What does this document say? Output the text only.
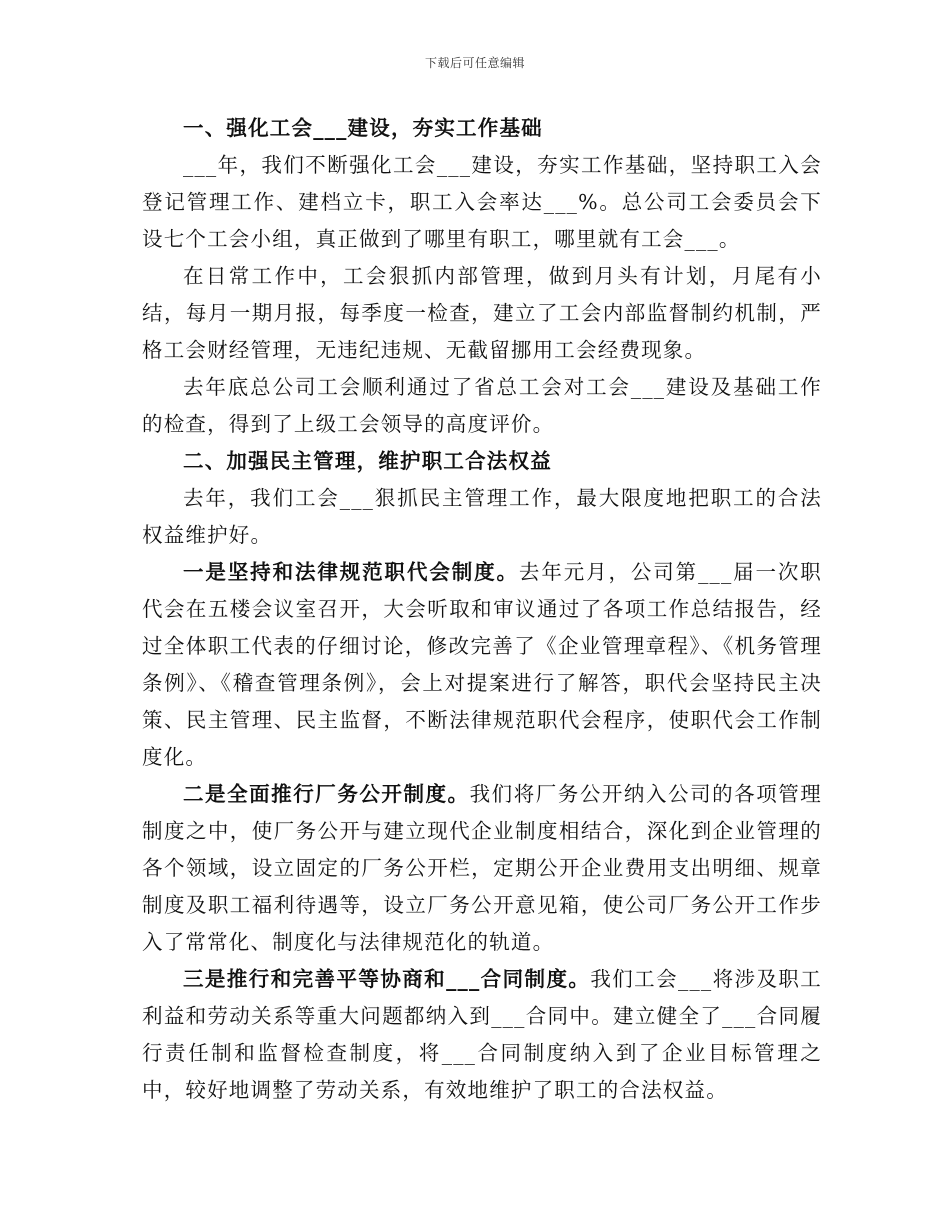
下载后可任意编辑

一、强化工会___建设，夯实工作基础

___年，我们不断强化工会___建设，夯实工作基础，坚持职工入会登记管理工作、建档立卡，职工入会率达___%。总公司工会委员会下设七个工会小组，真正做到了哪里有职工，哪里就有工会___。

在日常工作中，工会狠抓内部管理，做到月头有计划，月尾有小结，每月一期月报，每季度一检查，建立了工会内部监督制约机制，严格工会财经管理，无违纪违规、无截留挪用工会经费现象。

去年底总公司工会顺利通过了省总工会对工会___建设及基础工作的检查，得到了上级工会领导的高度评价。

二、加强民主管理，维护职工合法权益

去年，我们工会___狠抓民主管理工作，最大限度地把职工的合法权益维护好。

一是坚持和法律规范职代会制度。去年元月，公司第___届一次职代会在五楼会议室召开，大会听取和审议通过了各项工作总结报告，经过全体职工代表的仔细讨论，修改完善了《企业管理章程》、《机务管理条例》、《稽查管理条例》，会上对提案进行了解答，职代会坚持民主决策、民主管理、民主监督，不断法律规范职代会程序，使职代会工作制度化。

二是全面推行厂务公开制度。我们将厂务公开纳入公司的各项管理制度之中，使厂务公开与建立现代企业制度相结合，深化到企业管理的各个领域，设立固定的厂务公开栏，定期公开企业费用支出明细、规章制度及职工福利待遇等，设立厂务公开意见箱，使公司厂务公开工作步入了常常化、制度化与法律规范化的轨道。

三是推行和完善平等协商和___合同制度。我们工会___将涉及职工利益和劳动关系等重大问题都纳入到___合同中。建立健全了___合同履行责任制和监督检查制度，将___合同制度纳入到了企业目标管理之中，较好地调整了劳动关系，有效地维护了职工的合法权益。
